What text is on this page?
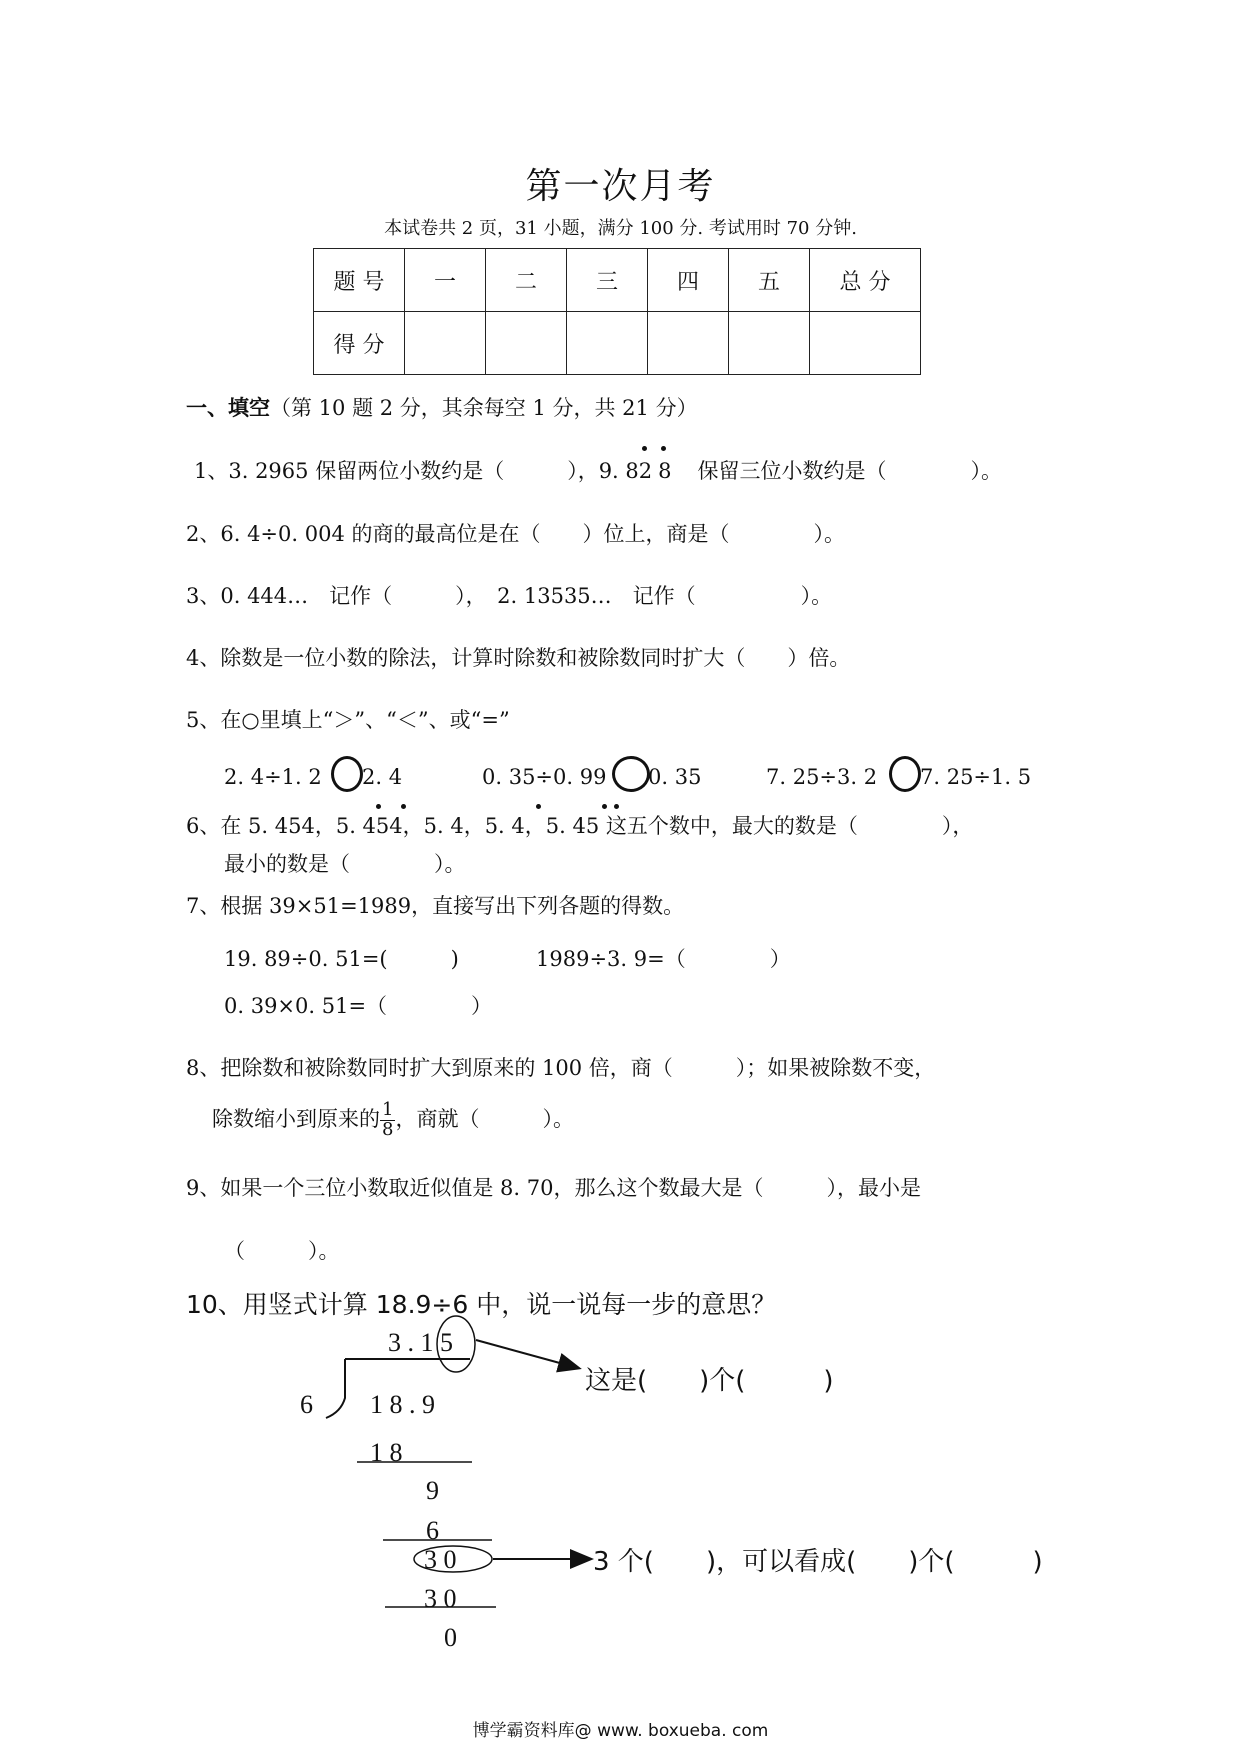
第一次月考
本试卷共 2 页，31 小题，满分 100 分. 考试用时 70 分钟.
题 号	一	二	三	四	五	总 分
得 分						
一、填空（第 10 题 2 分，其余每空 1 分，共 21 分）
1、3. 2965 保留两位小数约是（　　　），9. 8
2 8 保留三位小数约是（　　　　）。
2、6. 4÷0. 004 的商的最高位是在（　　）位上，商是（　　　　）。
3、0. 444…　记作（　　　），　2. 13535…　记作（　　　　　）。
4、除数是一位小数的除法，计算时除数和被除数同时扩大（　　）倍。
5、在○里填上“＞”、“＜”、或“=”
2. 4÷1. 2 2. 4	0. 35÷0. 99 0. 35	7. 25÷3. 2 7. 25÷1. 5
6、在 5. 454，5. 454，5. 4，5. 4，5. 45 这五个数中，最大的数是（　　　　），
最小的数是（　　　　）。
7、根据 39×51=1989，直接写出下列各题的得数。
19. 89÷0. 51=(　　　)	1989÷3. 9=（　　　　）
0. 39×0. 51=（　　　　）
8、把除数和被除数同时扩大到原来的 100 倍，商（　　　）；如果被除数不变，
除数缩小到原来的 $\frac{1}{8}$ ，商就（　　　）。
9、如果一个三位小数取近似值是 8. 70，那么这个数最大是（　　　），最小是
（　　　）。
10、用竖式计算 18.9÷6 中，说一说每一步的意思？
3 . 1 5
6 1 8 . 9
1 8
9
6
3 0
3 0
0
这是(　　)个(　　　)
3 个(　　)，可以看成(　　)个(　　　)
博学霸资料库@ www. boxueba. com
